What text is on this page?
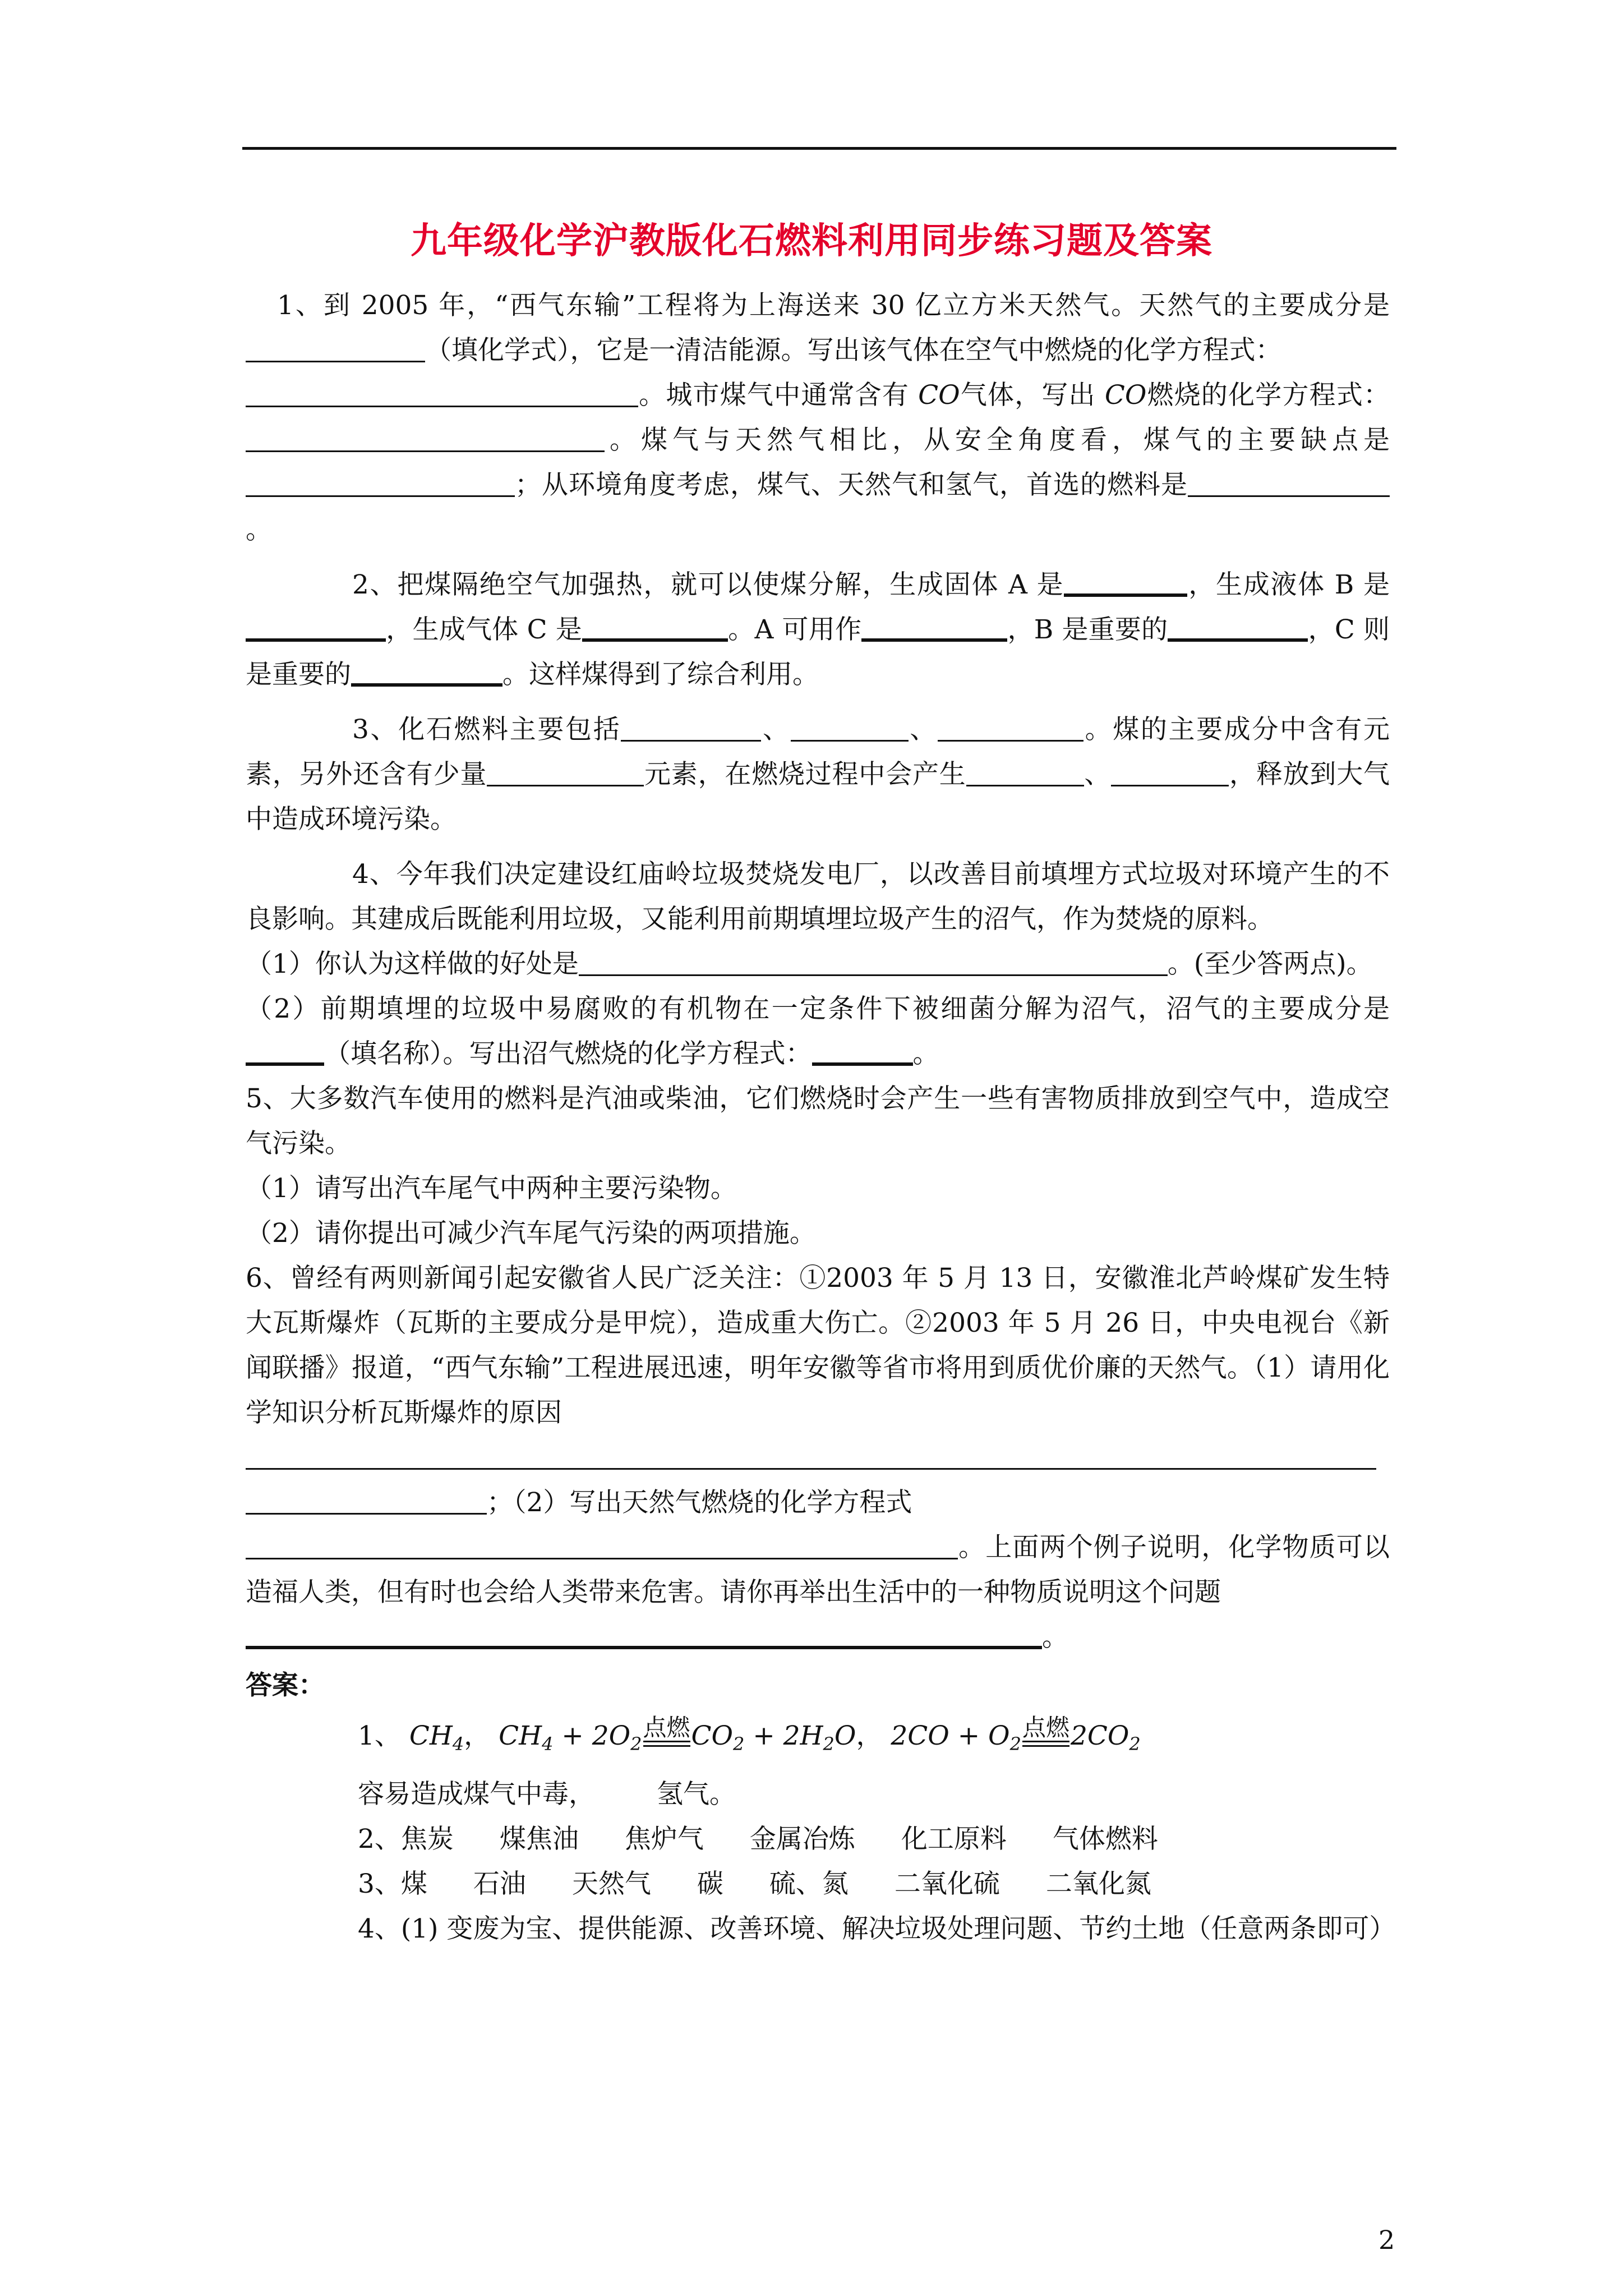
九年级化学沪教版化石燃料利用同步练习题及答案

1、到 2005 年，“西气东输”工程将为上海送来 30 亿立方米天然气。天然气的主要成分是（填化学式），它是一清洁能源。写出该气体在空气中燃烧的化学方程式：
。城市煤气中通常含有 CO气体，写出 CO燃烧的化学方程式：。煤气与天然气相比，从安全角度看，煤气的主要缺点是；从环境角度考虑，煤气、天然气和氢气，首选的燃料是。

2、把煤隔绝空气加强热，就可以使煤分解，生成固体 A 是	，生成液体 B 是，生成气体 C 是	。A 可用作	，B 是重要的	，C 则是重要的	。这样煤得到了综合利用。

3、化石燃料主要包括	、	、	。煤的主要成分中含有元素，另外还含有少量	元素，在燃烧过程中会产生	、	，释放到大气中造成环境污染。

4、今年我们决定建设红庙岭垃圾焚烧发电厂，以改善目前填埋方式垃圾对环境产生的不良影响。其建成后既能利用垃圾，又能利用前期填埋垃圾产生的沼气，作为焚烧的原料。

（1）你认为这样做的好处是	。(至少答两点)。

（2）前期填埋的垃圾中易腐败的有机物在一定条件下被细菌分解为沼气，沼气的主要成分是（填名称）。写出沼气燃烧的化学方程式：	。

5、大多数汽车使用的燃料是汽油或柴油，它们燃烧时会产生一些有害物质排放到空气中，造成空气污染。

（1）请写出汽车尾气中两种主要污染物。

（2）请你提出可减少汽车尾气污染的两项措施。

6、曾经有两则新闻引起安徽省人民广泛关注：①2003 年 5 月 13 日，安徽淮北芦岭煤矿发生特大瓦斯爆炸（瓦斯的主要成分是甲烷），造成重大伤亡。②2003 年 5 月 26 日，中央电视台《新闻联播》报道，“西气东输”工程进展迅速，明年安徽等省市将用到质优价廉的天然气。（1）请用化学知识分析瓦斯爆炸的原因

；（2）写出天然气燃烧的化学方程式
。上面两个例子说明，化学物质可以造福人类，但有时也会给人类带来危害。请你再举出生活中的一种物质说明这个问题
。

答案：

1、 $CH_4$， $CH_4 + 2O_2$点燃$CO_2 + 2H_2O$， $2CO + O_2$点燃$2CO_2$

容易造成煤气中毒， 氢气。

2、焦炭 煤焦油 焦炉气 金属冶炼 化工原料 气体燃料

3、煤 石油 天然气 碳 硫、氮 二氧化硫 二氧化氮

4、(1) 变废为宝、提供能源、改善环境、解决垃圾处理问题、节约土地（任意两条即可）

2
